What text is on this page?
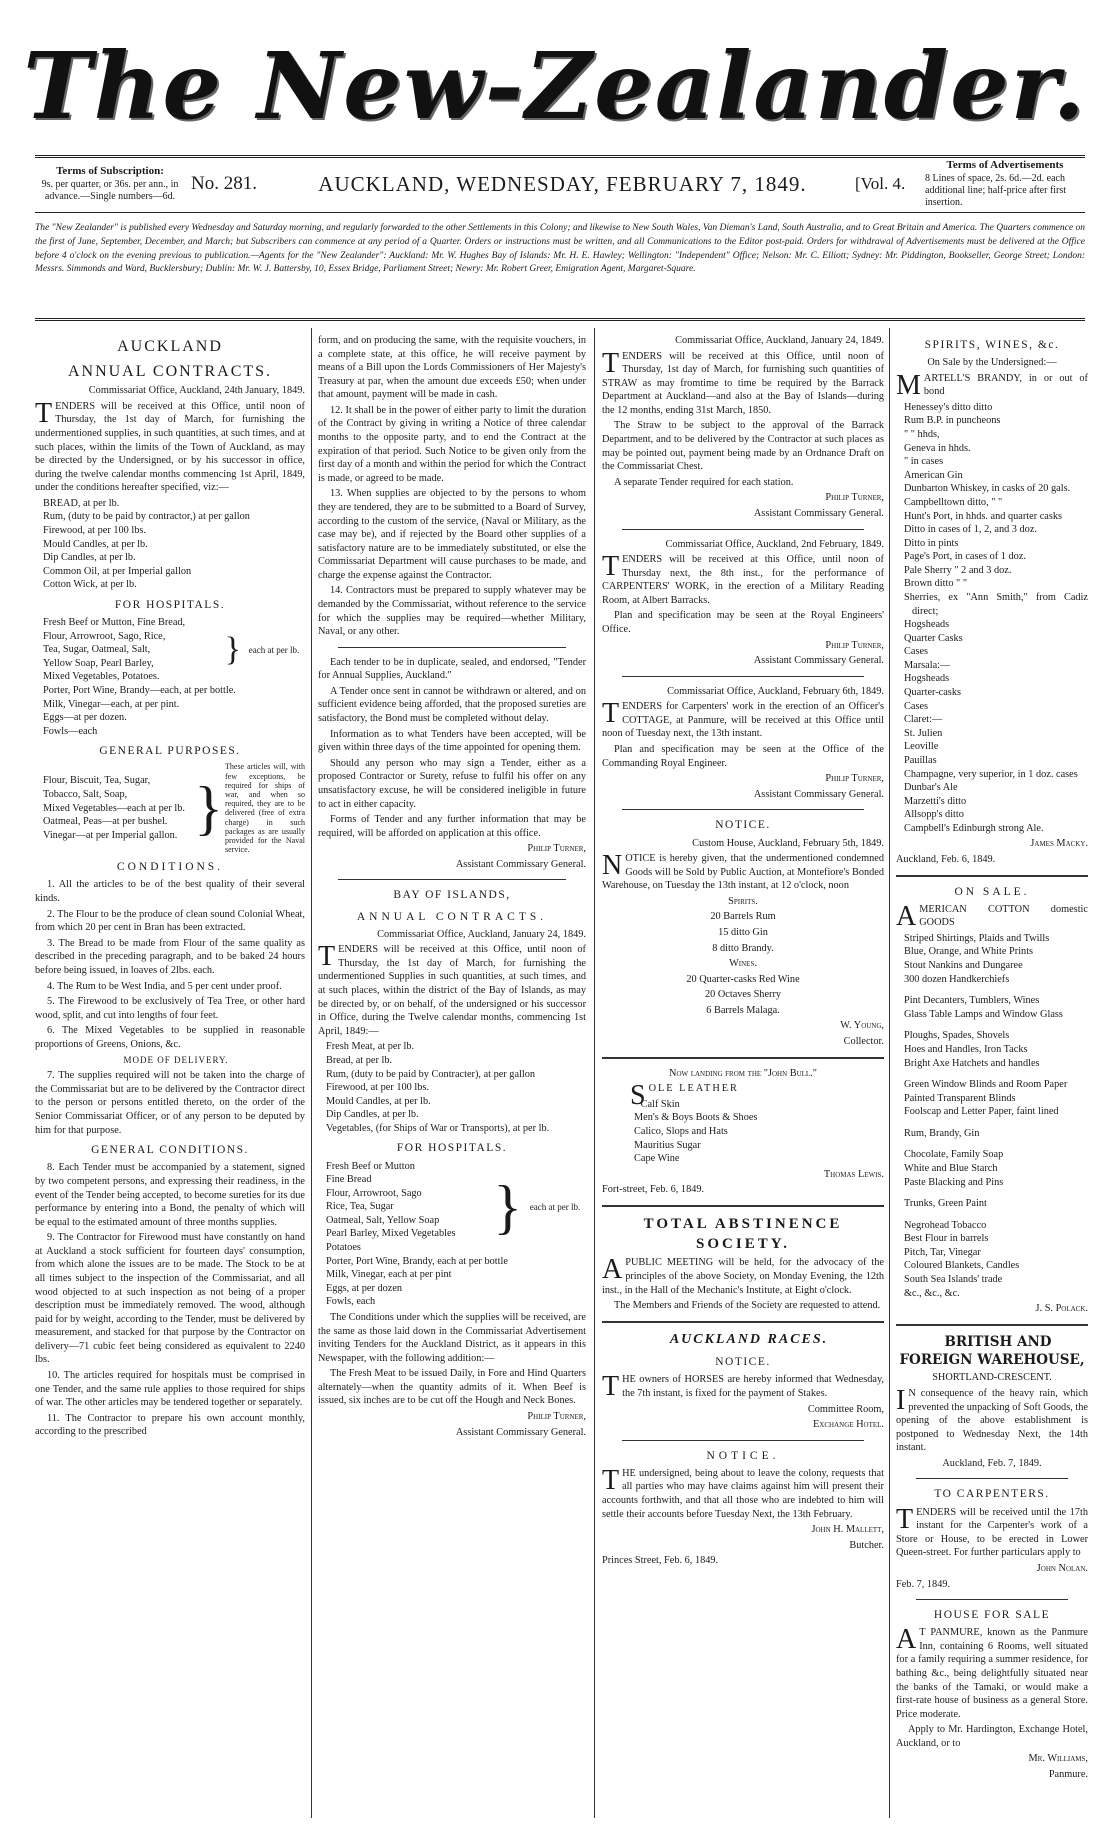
The New-Zealander.
Terms of Subscription:
9s. per quarter, or 36s. per ann., in advance.—Single numbers—6d.
No. 281.	AUCKLAND, WEDNESDAY, FEBRUARY 7, 1849.	[Vol. 4.
Terms of Advertisements
8 Lines of space, 2s. 6d.—2d. each additional line; half-price after first insertion.
The "New Zealander" is published every Wednesday and Saturday morning, and regularly forwarded to the other Settlements in this Colony; and likewise to New South Wales, Van Dieman's Land, South Australia, and to Great Britain and America. The Quarters commence on the first of June, September, December, and March; but Subscribers can commence at any period of a Quarter. Orders or instructions must be written, and all Communications to the Editor post-paid. Orders for withdrawal of Advertisements must be delivered at the Office before 4 o'clock on the evening previous to publication.—Agents for the "New Zealander": Auckland: Mr. W. Hughes Bay of Islands: Mr. H. E. Hawley; Wellington: "Independent" Office; Nelson: Mr. C. Elliott; Sydney: Mr. Piddington, Bookseller, George Street; London: Messrs. Simmonds and Ward, Bucklersbury; Dublin: Mr. W. J. Battersby, 10, Essex Bridge, Parliament Street; Newry: Mr. Robert Greer, Emigration Agent, Margaret-Square.
AUCKLAND
ANNUAL CONTRACTS.

Commissariat Office, Auckland, 24th January, 1849.

TENDERS will be received at this Office, until noon of Thursday, the 1st day of March, for furnishing the undermentioned supplies, in such quantities, at such times, and at such places, within the limits of the Town of Auckland, as may be directed by the Undersigned, or by his successor in office, during the twelve calendar months commencing 1st April, 1849, under the conditions hereafter specified, viz:—

BREAD, at per lb.

Rum, (duty to be paid by contractor,) at per gallon

Firewood, at per 100 lbs.

Mould Candles, at per lb.

Dip Candles, at per lb.

Common Oil, at per Imperial gallon

Cotton Wick, at per lb.

FOR HOSPITALS.

Fresh Beef or Mutton, Fine Bread,

Flour, Arrowroot, Sago, Rice,

Tea, Sugar, Oatmeal, Salt,

Yellow Soap, Pearl Barley,

Mixed Vegetables, Potatoes.

} each at per lb.

Porter, Port Wine, Brandy—each, at per bottle.

Milk, Vinegar—each, at per pint.

Eggs—at per dozen.

Fowls—each

GENERAL PURPOSES.

Flour, Biscuit, Tea, Sugar,

Tobacco, Salt, Soap,

Mixed Vegetables—each at per lb.

Oatmeal, Peas—at per bushel.

Vinegar—at per Imperial gallon. }
These articles will, with few exceptions, be required for ships of war, and when so required, they are to be delivered (free of extra charge) in such packages as are usually provided for the Naval service.
CONDITIONS.

1. All the articles to be of the best quality of their several kinds.

2. The Flour to be the produce of clean sound Colonial Wheat, from which 20 per cent in Bran has been extracted.

3. The Bread to be made from Flour of the same quality as described in the preceding paragraph, and to be baked 24 hours before being issued, in loaves of 2lbs. each.

4. The Rum to be West India, and 5 per cent under proof.

5. The Firewood to be exclusively of Tea Tree, or other hard wood, split, and cut into lengths of four feet.

6. The Mixed Vegetables to be supplied in reasonable proportions of Greens, Onions, &c.

MODE OF DELIVERY.

7. The supplies required will not be taken into the charge of the Commissariat but are to be delivered by the Contractor direct to the person or persons entitled thereto, on the order of the Senior Commissariat Officer, or of any person to be deputed by him for that purpose.

GENERAL CONDITIONS.

8. Each Tender must be accompanied by a statement, signed by two competent persons, and expressing their readiness, in the event of the Tender being accepted, to become sureties for its due performance by entering into a Bond, the penalty of which will be equal to the estimated amount of three months supplies.

9. The Contractor for Firewood must have constantly on hand at Auckland a stock sufficient for fourteen days' consumption, from which alone the issues are to be made. The Stock to be at all times subject to the inspection of the Commissariat, and all wood objected to at such inspection as not being of a proper description must be immediately removed. The wood, although paid for by weight, according to the Tender, must be delivered by measurement, and stacked for that purpose by the Contractor on delivery—71 cubic feet being considered as equivalent to 2240 lbs.

10. The articles required for hospitals must be comprised in one Tender, and the same rule applies to those required for ships of war. The other articles may be tendered together or separately.

11. The Contractor to prepare his own account monthly, according to the prescribed

form, and on producing the same, with the requisite vouchers, in a complete state, at this office, he will receive payment by means of a Bill upon the Lords Commissioners of Her Majesty's Treasury at par, when the amount due exceeds £50; when under that amount, payment will be made in cash.

12. It shall be in the power of either party to limit the duration of the Contract by giving in writing a Notice of three calendar months to the opposite party, and to end the Contract at the expiration of that period. Such Notice to be given only from the first day of a month and within the period for which the Contract is made, or agreed to be made.

13. When supplies are objected to by the persons to whom they are tendered, they are to be submitted to a Board of Survey, according to the custom of the service, (Naval or Military, as the case may be), and if rejected by the Board other supplies of a satisfactory nature are to be immediately substituted, or else the Commissariat Department will cause purchases to be made, and charge the expense against the Contractor.

14. Contractors must be prepared to supply whatever may be demanded by the Commissariat, without reference to the service for which the supplies may be required—whether Military, Naval, or any other.

Each tender to be in duplicate, sealed, and endorsed, "Tender for Annual Supplies, Auckland."

A Tender once sent in cannot be withdrawn or altered, and on sufficient evidence being afforded, that the proposed sureties are satisfactory, the Bond must be completed without delay.

Information as to what Tenders have been accepted, will be given within three days of the time appointed for opening them.

Should any person who may sign a Tender, either as a proposed Contractor or Surety, refuse to fulfil his offer on any unsatisfactory excuse, he will be considered ineligible in future to act in either capacity.

Forms of Tender and any further information that may be required, will be afforded on application at this office.

Philip Turner,

Assistant Commissary General.

BAY OF ISLANDS,
ANNUAL CONTRACTS.

Commissariat Office, Auckland, January 24, 1849.

TENDERS will be received at this Office, until noon of Thursday, the 1st day of March, for furnishing the undermentioned Supplies in such quantities, at such times, and at such places, within the district of the Bay of Islands, as may be directed by, or on behalf, of the undersigned or his successor in Office, during the Twelve calendar months, commencing 1st April, 1849:—

Fresh Meat, at per lb.

Bread, at per lb.

Rum, (duty to be paid by Contracter), at per gallon

Firewood, at per 100 lbs.

Mould Candles, at per lb.

Dip Candles, at per lb.

Vegetables, (for Ships of War or Transports), at per lb.

FOR HOSPITALS.

Fresh Beef or Mutton

Fine Bread

Flour, Arrowroot, Sago

Rice, Tea, Sugar

Oatmeal, Salt, Yellow Soap

Pearl Barley, Mixed Vegetables

Potatoes

} each at per lb.

Porter, Port Wine, Brandy, each at per bottle

Milk, Vinegar, each at per pint

Eggs, at per dozen

Fowls, each

The Conditions under which the supplies will be received, are the same as those laid down in the Commissariat Advertisement inviting Tenders for the Auckland District, as it appears in this Newspaper, with the following addition:—

The Fresh Meat to be issued Daily, in Fore and Hind Quarters alternately—when the quantity admits of it. When Beef is issued, six inches are to be cut off the Hough and Neck Bones.

Philip Turner,

Assistant Commissary General.

Commissariat Office, Auckland, January 24, 1849.

TENDERS will be received at this Office, until noon of Thursday, 1st day of March, for furnishing such quantities of STRAW as may fromtime to time be required by the Barrack Department at Auckland—and also at the Bay of Islands—during the 12 months, ending 31st March, 1850.

The Straw to be subject to the approval of the Barrack Department, and to be delivered by the Contractor at such places as may be pointed out, payment being made by an Ordnance Draft on the Commissariat Chest.

A separate Tender required for each station.

Philip Turner,

Assistant Commissary General.

Commissariat Office, Auckland, 2nd February, 1849.

TENDERS will be received at this Office, until noon of Thursday next, the 8th inst., for the performance of CARPENTERS' WORK, in the erection of a Military Reading Room, at Albert Barracks.

Plan and specification may be seen at the Royal Engineers' Office.

Philip Turner,

Assistant Commissary General.

Commissariat Office, Auckland, February 6th, 1849.

TENDERS for Carpenters' work in the erection of an Officer's COTTAGE, at Panmure, will be received at this Office until noon of Tuesday next, the 13th instant.

Plan and specification may be seen at the Office of the Commanding Royal Engineer.

Philip Turner,

Assistant Commissary General.

NOTICE.

Custom House, Auckland, February 5th, 1849.

NOTICE is hereby given, that the undermentioned condemned Goods will be Sold by Public Auction, at Montefiore's Bonded Warehouse, on Tuesday the 13th instant, at 12 o'clock, noon

Spirits.

20 Barrels Rum

15 ditto Gin

8 ditto Brandy.

Wines.

20 Quarter-casks Red Wine

20 Octaves Sherry

6 Barrels Malaga.

W. Young,

Collector.

Now landing from the "John Bull."

SOLE LEATHER

Calf Skin

Men's & Boys Boots & Shoes

Calico, Slops and Hats

Mauritius Sugar

Cape Wine

Thomas Lewis.

Fort-street, Feb. 6, 1849.

TOTAL ABSTINENCE SOCIETY.

APUBLIC MEETING will be held, for the advocacy of the principles of the above Society, on Monday Evening, the 12th inst., in the Hall of the Mechanic's Institute, at Eight o'clock.

The Members and Friends of the Society are requested to attend.

AUCKLAND RACES.

NOTICE.

THE owners of HORSES are hereby informed that Wednesday, the 7th instant, is fixed for the payment of Stakes.

Committee Room,

Exchange Hotel.

NOTICE.

THE undersigned, being about to leave the colony, requests that all parties who may have claims against him will present their accounts forthwith, and that all those who are indebted to him will settle their accounts before Tuesday Next, the 13th February.

John H. Mallett,

Butcher.

Princes Street, Feb. 6, 1849.

SPIRITS, WINES, &c.

On Sale by the Undersigned:—

MARTELL'S BRANDY, in or out of bond

Henessey's ditto ditto

Rum B.P. in puncheons

" " hhds,

Geneva in hhds.

" in cases

American Gin

Dunbarton Whiskey, in casks of 20 gals.

Campbelltown ditto, " "

Hunt's Port, in hhds. and quarter casks

Ditto in cases of 1, 2, and 3 doz.

Ditto in pints

Page's Port, in cases of 1 doz.

Pale Sherry " 2 and 3 doz.

Brown ditto " "

Sherries, ex "Ann Smith," from Cadiz direct;

Hogsheads

Quarter Casks

Cases

Marsala:—

Hogsheads

Quarter-casks

Cases

Claret:—

St. Julien

Leoville

Pauillas

Champagne, very superior, in 1 doz. cases

Dunbar's Ale

Marzetti's ditto

Allsopp's ditto

Campbell's Edinburgh strong Ale.

James Macky.

Auckland, Feb. 6, 1849.

ON SALE.

AMERICAN COTTON domestic GOODS

Striped Shirtings, Plaids and Twills

Blue, Orange, and White Prints

Stout Nankins and Dungaree

300 dozen Handkerchiefs

Pint Decanters, Tumblers, Wines

Glass Table Lamps and Window Glass

Ploughs, Spades, Shovels

Hoes and Handles, Iron Tacks

Bright Axe Hatchets and handles

Green Window Blinds and Room Paper

Painted Transparent Blinds

Foolscap and Letter Paper, faint lined

Rum, Brandy, Gin

Chocolate, Family Soap

White and Blue Starch

Paste Blacking and Pins

Trunks, Green Paint

Negrohead Tobacco

Best Flour in barrels

Pitch, Tar, Vinegar

Coloured Blankets, Candles

South Sea Islands' trade

&c., &c., &c.

J. S. Polack.

BRITISH AND FOREIGN WAREHOUSE,

SHORTLAND-CRESCENT.

I N consequence of the heavy rain, which prevented the unpacking of Soft Goods, the opening of the above establishment is postponed to Wednesday Next, the 14th instant.

Auckland, Feb. 7, 1849.

TO CARPENTERS.

TENDERS will be received until the 17th instant for the Carpenter's work of a Store or House, to be erected in Lower Queen-street. For further particulars apply to

John Nolan.

Feb. 7, 1849.

HOUSE FOR SALE

A T PANMURE, known as the Panmure Inn, containing 6 Rooms, well situated for a family requiring a summer residence, for bathing &c., being delightfully situated near the banks of the Tamaki, or would make a first-rate house of business as a general Store. Price moderate.

Apply to Mr. Hardington, Exchange Hotel, Auckland, or to

Mr. Williams,

Panmure.
